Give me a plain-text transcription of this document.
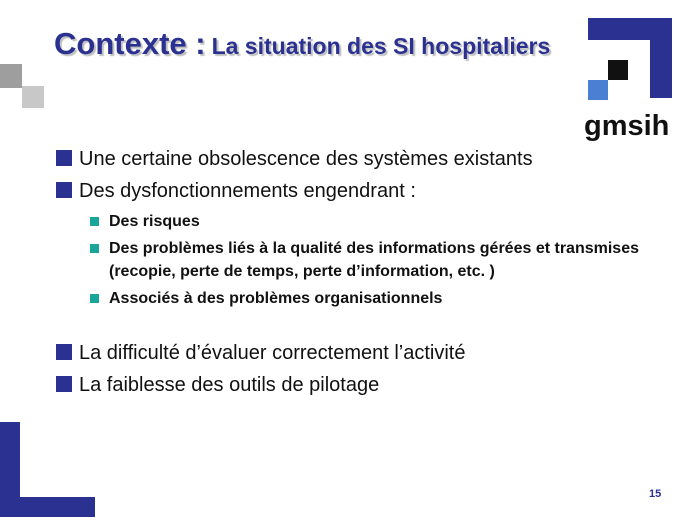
Contexte : La situation des SI hospitaliers
gmsih
Une certaine obsolescence des systèmes existants
Des dysfonctionnements engendrant :
Des risques
Des problèmes liés à la qualité des informations gérées et transmises (recopie, perte de temps, perte d’information, etc. )
Associés à des problèmes organisationnels
La difficulté d’évaluer correctement l’activité
La faiblesse des outils de pilotage
15
